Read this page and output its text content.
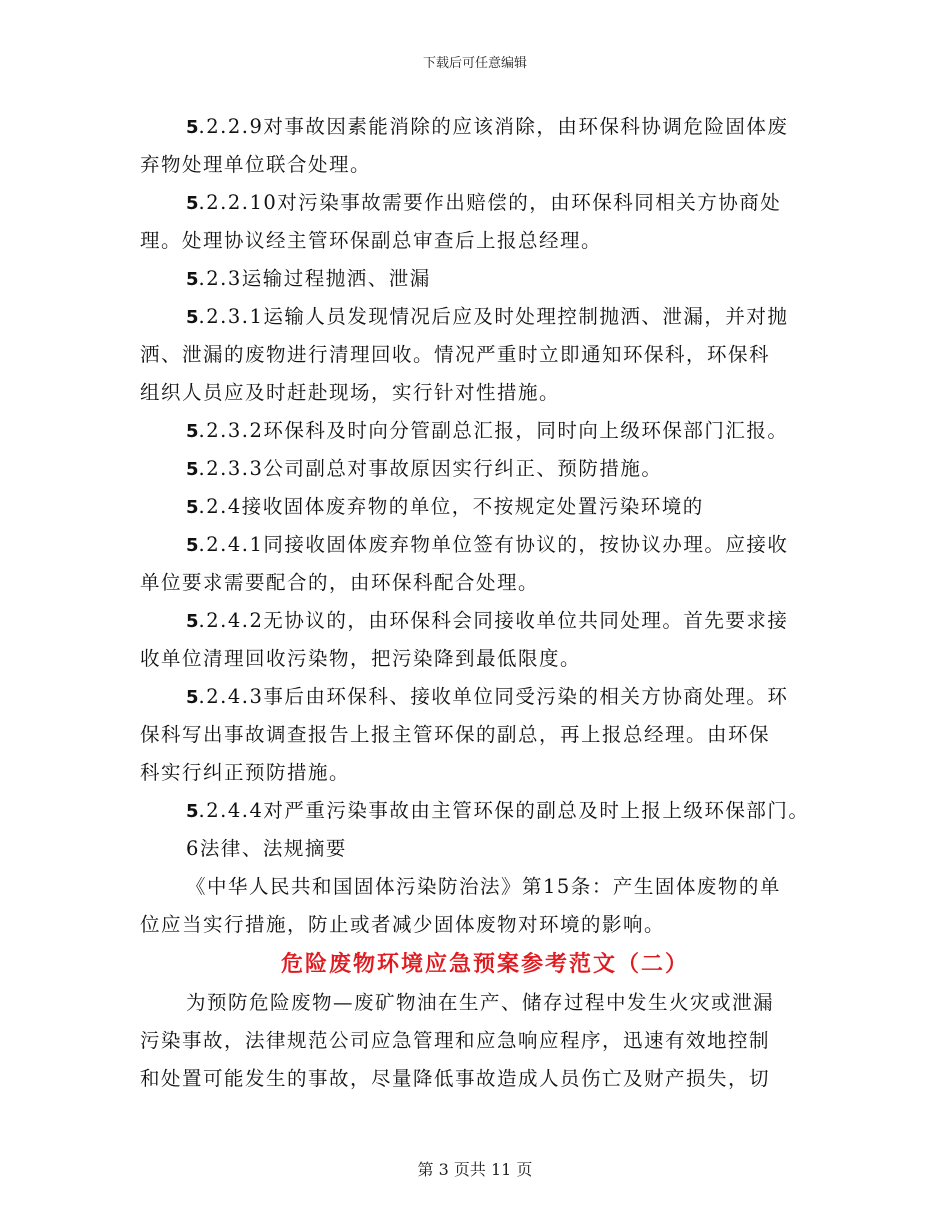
下载后可任意编辑
5.2.2.9对事故因素能消除的应该消除，由环保科协调危险固体废
弃物处理单位联合处理。
5.2.2.10对污染事故需要作出赔偿的，由环保科同相关方协商处
理。处理协议经主管环保副总审查后上报总经理。
5.2.3运输过程抛洒、泄漏
5.2.3.1运输人员发现情况后应及时处理控制抛洒、泄漏，并对抛
洒、泄漏的废物进行清理回收。情况严重时立即通知环保科，环保科
组织人员应及时赶赴现场，实行针对性措施。
5.2.3.2环保科及时向分管副总汇报，同时向上级环保部门汇报。
5.2.3.3公司副总对事故原因实行纠正、预防措施。
5.2.4接收固体废弃物的单位，不按规定处置污染环境的
5.2.4.1同接收固体废弃物单位签有协议的，按协议办理。应接收
单位要求需要配合的，由环保科配合处理。
5.2.4.2无协议的，由环保科会同接收单位共同处理。首先要求接
收单位清理回收污染物，把污染降到最低限度。
5.2.4.3事后由环保科、接收单位同受污染的相关方协商处理。环
保科写出事故调查报告上报主管环保的副总，再上报总经理。由环保
科实行纠正预防措施。
5.2.4.4对严重污染事故由主管环保的副总及时上报上级环保部门。
6法律、法规摘要
《中华人民共和国固体污染防治法》第15条：产生固体废物的单
位应当实行措施，防止或者减少固体废物对环境的影响。
危险废物环境应急预案参考范文（二）
为预防危险废物—废矿物油在生产、储存过程中发生火灾或泄漏
污染事故，法律规范公司应急管理和应急响应程序，迅速有效地控制
和处置可能发生的事故，尽量降低事故造成人员伤亡及财产损失，切
第 3 页共 11 页
